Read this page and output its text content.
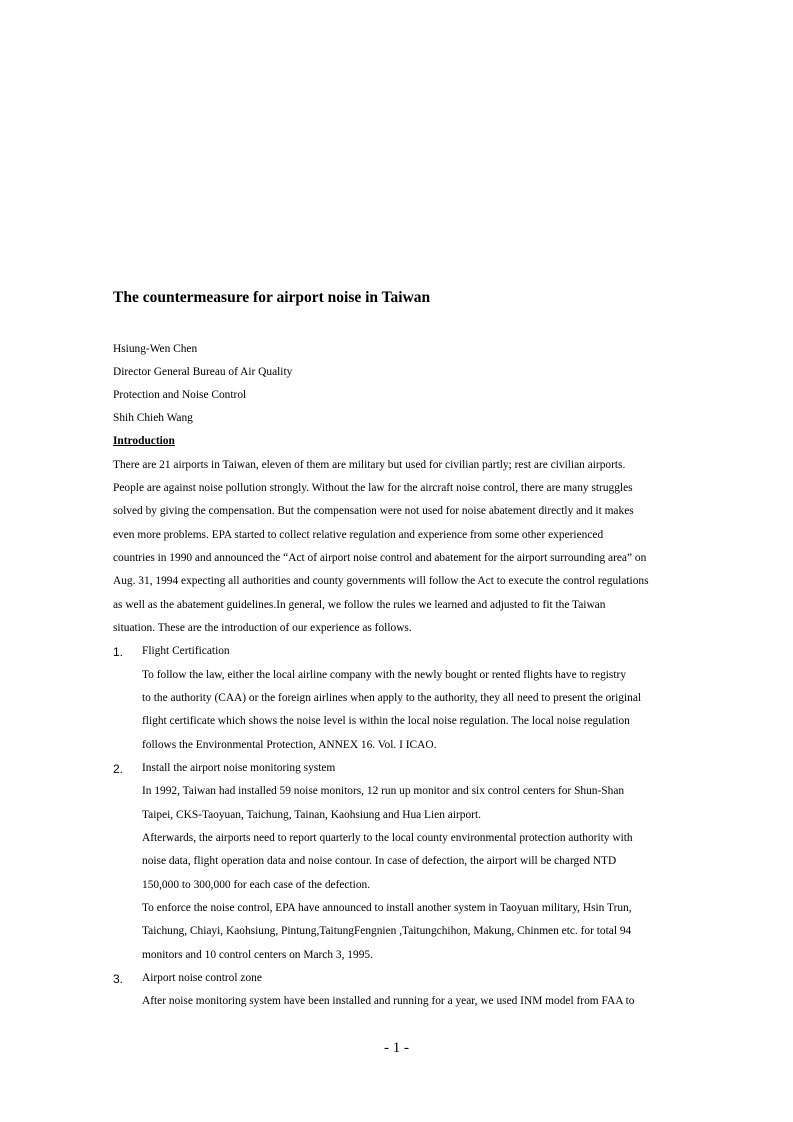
The countermeasure for airport noise in Taiwan
Hsiung-Wen Chen
Director General Bureau of Air Quality
Protection and Noise Control
Shih Chieh Wang
Introduction
There are 21 airports in Taiwan, eleven of them are military but used for civilian partly; rest are civilian airports.
People are against noise pollution strongly. Without the law for the aircraft noise control, there are many struggles
solved by giving the compensation. But the compensation were not used for noise abatement directly and it makes
even more problems. EPA started to collect relative regulation and experience from some other experienced
countries in 1990 and announced the “Act of airport noise control and abatement for the airport surrounding area” on
Aug. 31, 1994 expecting all authorities and county governments will follow the Act to execute the control regulations
as well as the abatement guidelines.In general, we follow the rules we learned and adjusted to fit the Taiwan
situation. These are the introduction of our experience as follows.
1. Flight Certification
To follow the law, either the local airline company with the newly bought or rented flights have to registry
to the authority (CAA) or the foreign airlines when apply to the authority, they all need to present the original
flight certificate which shows the noise level is within the local noise regulation. The local noise regulation
follows the Environmental Protection, ANNEX 16. Vol. I ICAO.
2. Install the airport noise monitoring system
In 1992, Taiwan had installed 59 noise monitors, 12 run up monitor and six control centers for Shun-Shan
Taipei, CKS-Taoyuan, Taichung, Tainan, Kaohsiung and Hua Lien airport.
Afterwards, the airports need to report quarterly to the local county environmental protection authority with
noise data, flight operation data and noise contour. In case of defection, the airport will be charged NTD
150,000 to 300,000 for each case of the defection.
To enforce the noise control, EPA have announced to install another system in Taoyuan military, Hsin Trun,
Taichung, Chiayi, Kaohsiung, Pintung,TaitungFengnien ,Taitungchihon, Makung, Chinmen etc. for total 94
monitors and 10 control centers on March 3, 1995.
3. Airport noise control zone
After noise monitoring system have been installed and running for a year, we used INM model from FAA to
- 1 -
